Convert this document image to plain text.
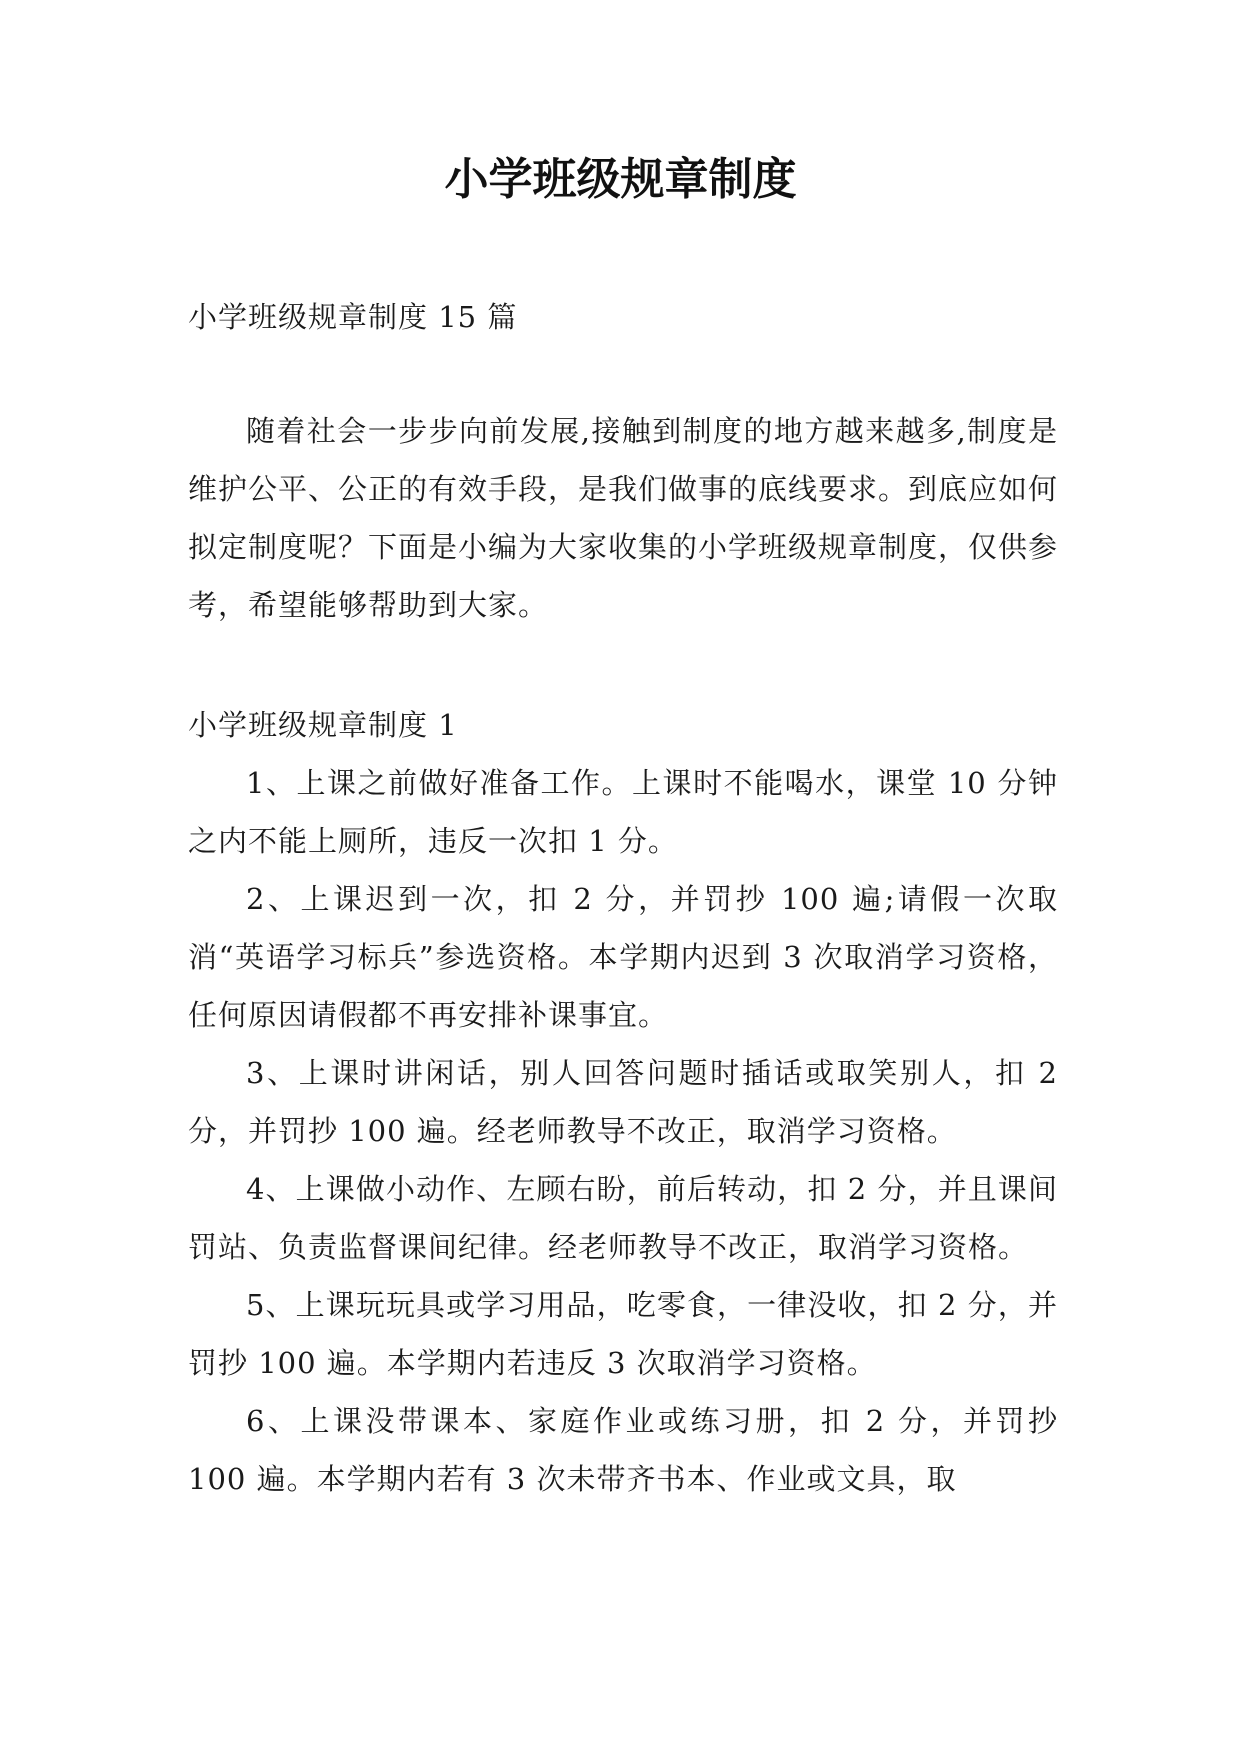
小学班级规章制度

小学班级规章制度 15 篇

随着社会一步步向前发展,接触到制度的地方越来越多,制度是维护公平、公正的有效手段，是我们做事的底线要求。到底应如何拟定制度呢？下面是小编为大家收集的小学班级规章制度，仅供参考，希望能够帮助到大家。

小学班级规章制度 1

1、上课之前做好准备工作。上课时不能喝水，课堂 10 分钟之内不能上厕所，违反一次扣 1 分。

2、上课迟到一次，扣 2 分，并罚抄 100 遍;请假一次取消“英语学习标兵”参选资格。本学期内迟到 3 次取消学习资格，任何原因请假都不再安排补课事宜。

3、上课时讲闲话，别人回答问题时插话或取笑别人，扣 2 分，并罚抄 100 遍。经老师教导不改正，取消学习资格。

4、上课做小动作、左顾右盼，前后转动，扣 2 分，并且课间罚站、负责监督课间纪律。经老师教导不改正，取消学习资格。

5、上课玩玩具或学习用品，吃零食，一律没收，扣 2 分，并罚抄 100 遍。本学期内若违反 3 次取消学习资格。

6、上课没带课本、家庭作业或练习册，扣 2 分，并罚抄 100 遍。本学期内若有 3 次未带齐书本、作业或文具，取
